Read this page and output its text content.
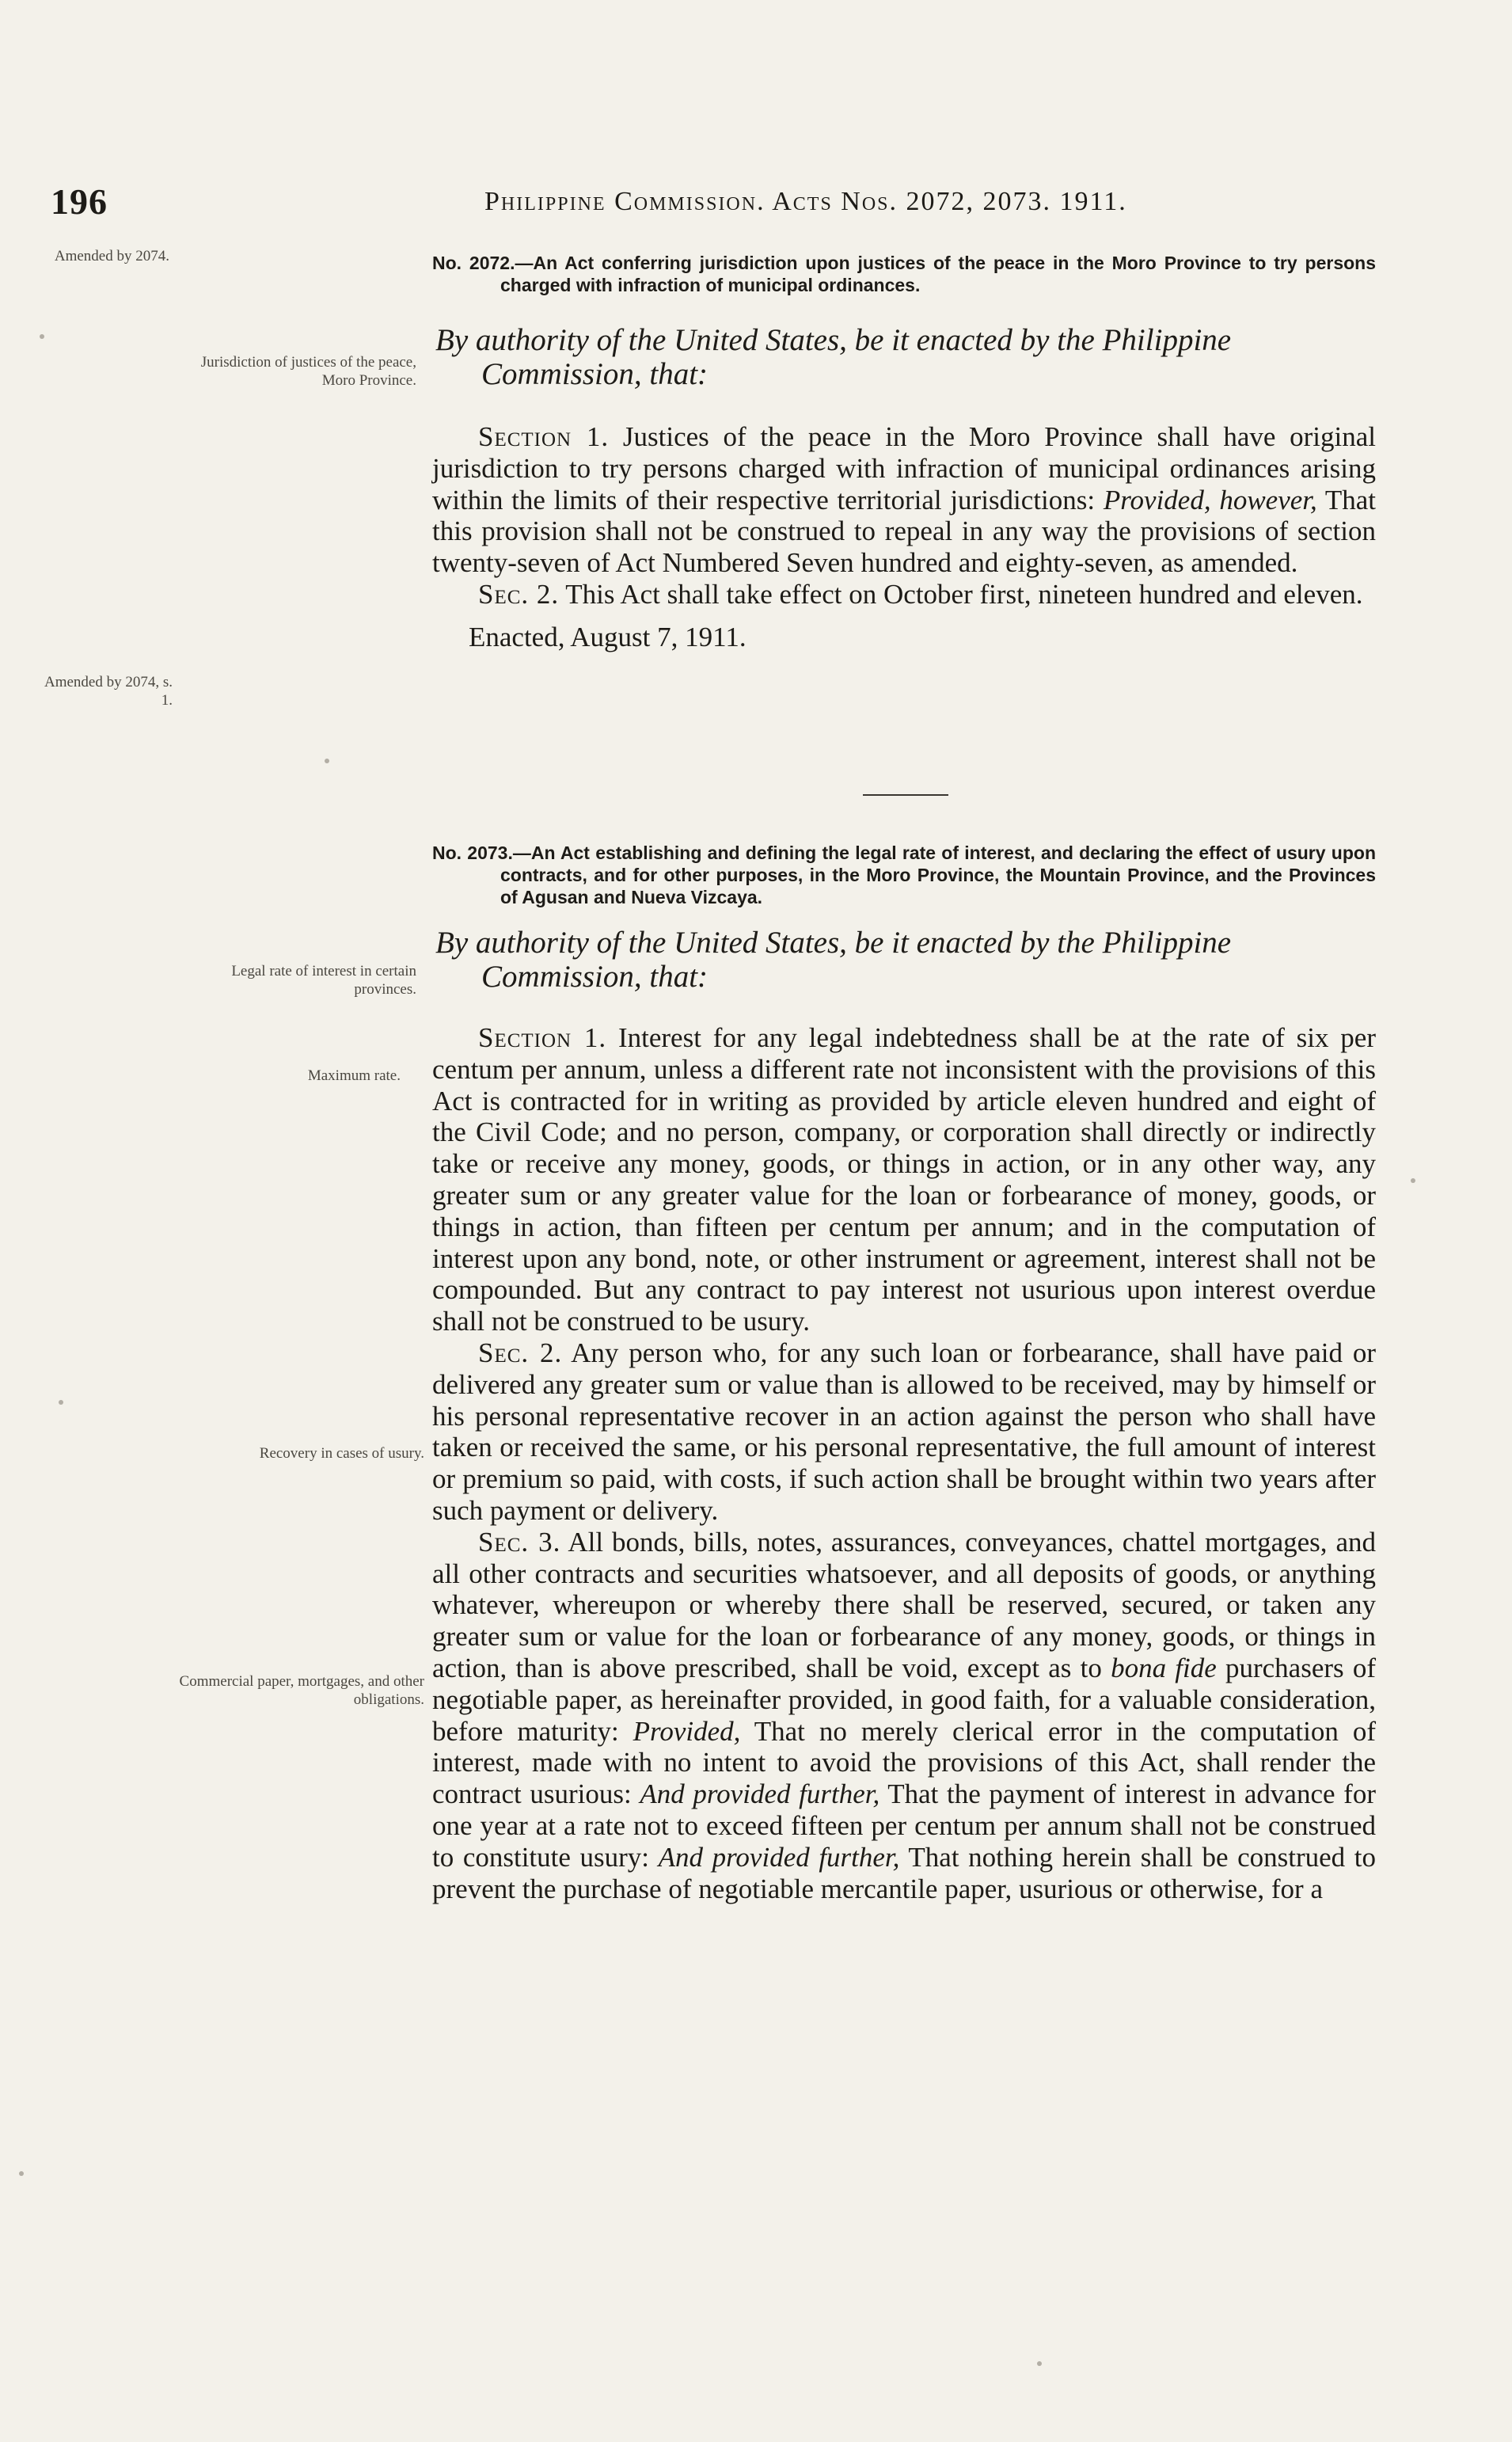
196	Philippine Commission. Acts Nos. 2072, 2073. 1911.
Amended by 2074.
Jurisdiction of justices of the peace, Moro Province.
Amended by 2074, s. 1.
Legal rate of interest in certain provinces.
Maximum rate.
Recovery in cases of usury.
Commercial paper, mortgages, and other obligations.

No. 2072.—An Act conferring jurisdiction upon justices of the peace in the Moro Province to try persons charged with infraction of municipal ordinances.

By authority of the United States, be it enacted by the Philippine Commission, that:

Section 1. Justices of the peace in the Moro Province shall have original jurisdiction to try persons charged with infraction of municipal ordinances arising within the limits of their respective territorial jurisdictions: Provided, however, That this provision shall not be construed to repeal in any way the provisions of section twenty-seven of Act Numbered Seven hundred and eighty-seven, as amended.

Sec. 2. This Act shall take effect on October first, nineteen hundred and eleven.

Enacted, August 7, 1911.

No. 2073.—An Act establishing and defining the legal rate of interest, and declaring the effect of usury upon contracts, and for other purposes, in the Moro Province, the Mountain Province, and the Provinces of Agusan and Nueva Vizcaya.

By authority of the United States, be it enacted by the Philippine Commission, that:

Section 1. Interest for any legal indebtedness shall be at the rate of six per centum per annum, unless a different rate not inconsistent with the provisions of this Act is contracted for in writing as provided by article eleven hundred and eight of the Civil Code; and no person, company, or corporation shall directly or indirectly take or receive any money, goods, or things in action, or in any other way, any greater sum or any greater value for the loan or forbearance of money, goods, or things in action, than fifteen per centum per annum; and in the computation of interest upon any bond, note, or other instrument or agreement, interest shall not be compounded. But any contract to pay interest not usurious upon interest overdue shall not be construed to be usury.

Sec. 2. Any person who, for any such loan or forbearance, shall have paid or delivered any greater sum or value than is allowed to be received, may by himself or his personal representative recover in an action against the person who shall have taken or received the same, or his personal representative, the full amount of interest or premium so paid, with costs, if such action shall be brought within two years after such payment or delivery.

Sec. 3. All bonds, bills, notes, assurances, conveyances, chattel mortgages, and all other contracts and securities whatsoever, and all deposits of goods, or anything whatever, whereupon or whereby there shall be reserved, secured, or taken any greater sum or value for the loan or forbearance of any money, goods, or things in action, than is above prescribed, shall be void, except as to bona fide purchasers of negotiable paper, as hereinafter provided, in good faith, for a valuable consideration, before maturity: Provided, That no merely clerical error in the computation of interest, made with no intent to avoid the provisions of this Act, shall render the contract usurious: And provided further, That the payment of interest in advance for one year at a rate not to exceed fifteen per centum per annum shall not be construed to constitute usury: And provided further, That nothing herein shall be construed to prevent the purchase of negotiable mercantile paper, usurious or otherwise, for a
